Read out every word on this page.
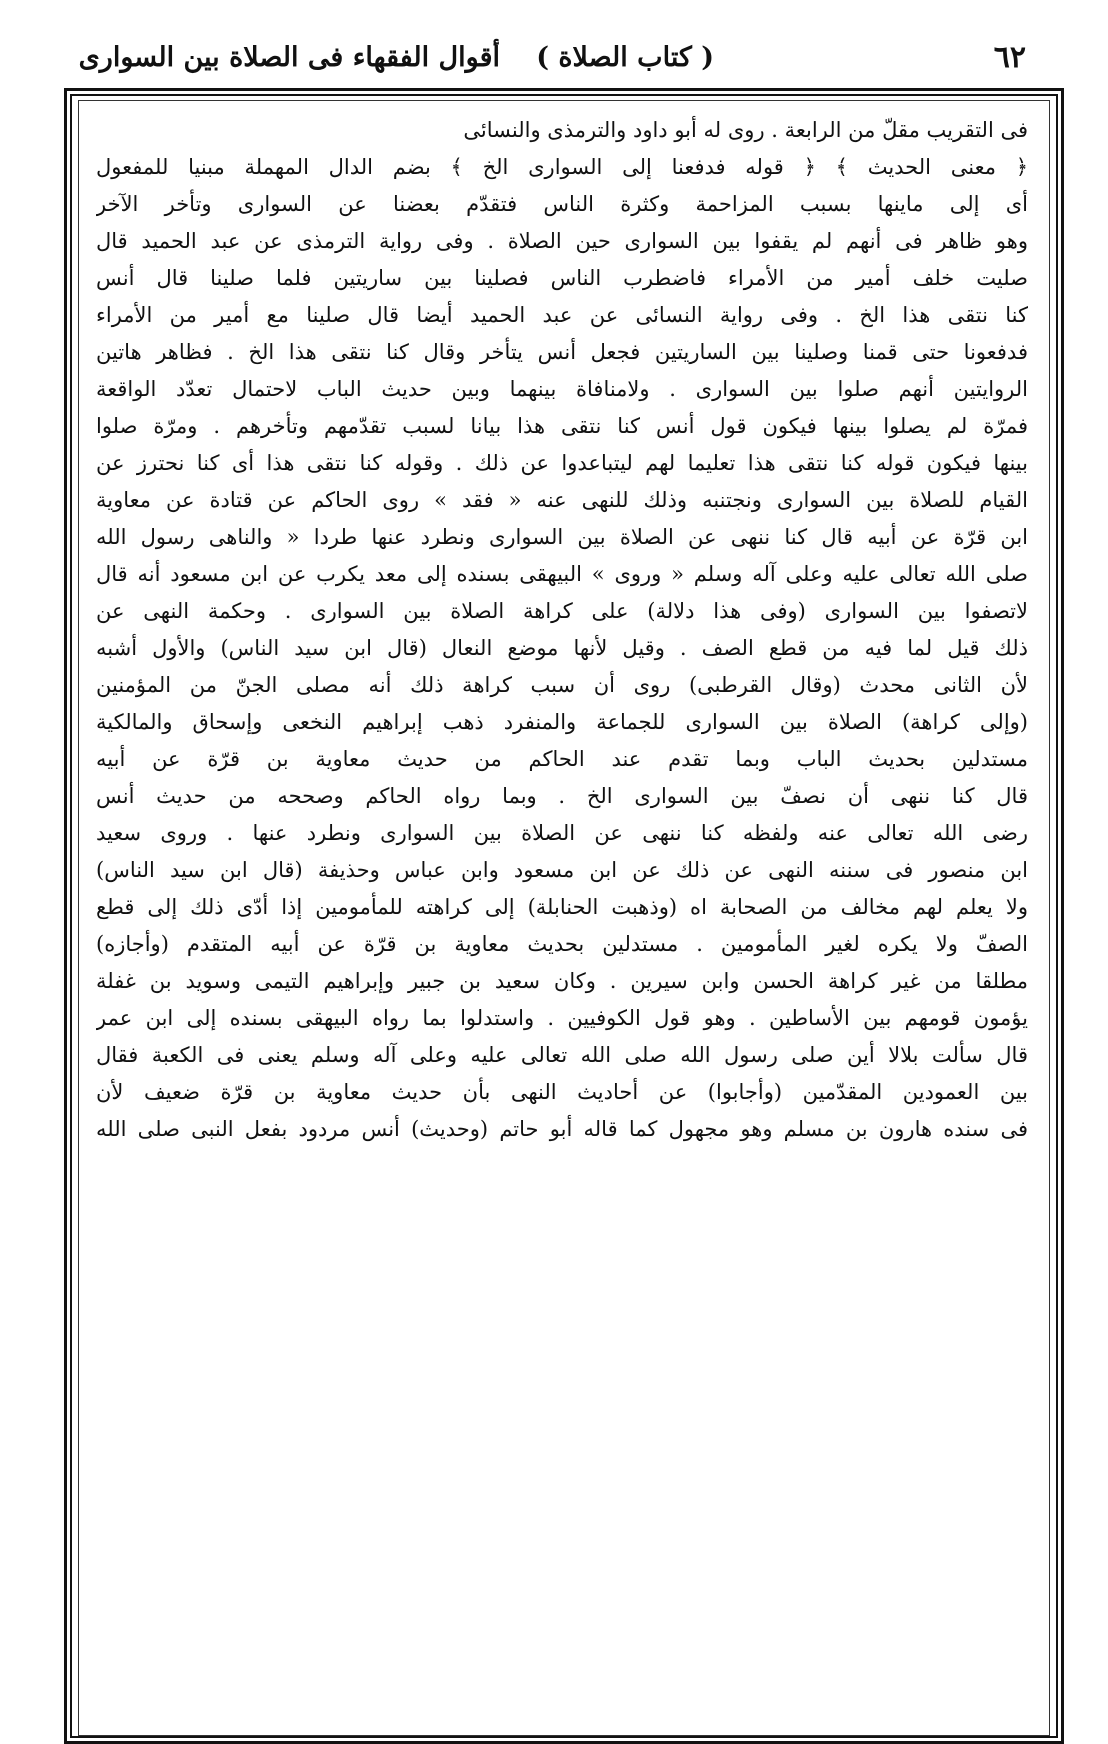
٦٢
( كتاب الصلاة )
أقوال الفقهاء فى الصلاة بين السوارى
فى التقريب مقلّ من الرابعة . روى له أبو داود والترمذى والنسائى
﴿ معنى الحديث ﴾ ﴿ قوله فدفعنا إلى السوارى الخ ﴾ بضم الدال المهملة مبنيا للمفعول
أى إلى ماينها بسبب المزاحمة وكثرة الناس فتقدّم بعضنا عن السوارى وتأخر الآخر
وهو ظاهر فى أنهم لم يقفوا بين السوارى حين الصلاة . وفى رواية الترمذى عن عبد الحميد قال
صليت خلف أمير من الأمراء فاضطرب الناس فصلينا بين ساريتين فلما صلينا قال أنس
كنا نتقى هذا الخ . وفى رواية النسائى عن عبد الحميد أيضا قال صلينا مع أمير من الأمراء
فدفعونا حتى قمنا وصلينا بين الساريتين فجعل أنس يتأخر وقال كنا نتقى هذا الخ . فظاهر هاتين
الروايتين أنهم صلوا بين السوارى . ولامنافاة بينهما وبين حديث الباب لاحتمال تعدّد الواقعة
فمرّة لم يصلوا بينها فيكون قول أنس كنا نتقى هذا بيانا لسبب تقدّمهم وتأخرهم . ومرّة صلوا
بينها فيكون قوله كنا نتقى هذا تعليما لهم ليتباعدوا عن ذلك . وقوله كنا نتقى هذا أى كنا نحترز عن
القيام للصلاة بين السوارى ونجتنبه وذلك للنهى عنه « فقد » روى الحاكم عن قتادة عن معاوية
ابن قرّة عن أبيه قال كنا ننهى عن الصلاة بين السوارى ونطرد عنها طردا « والناهى رسول الله
صلى الله تعالى عليه وعلى آله وسلم « وروى » البيهقى بسنده إلى معد يكرب عن ابن مسعود أنه قال
لاتصفوا بين السوارى (وفى هذا دلالة) على كراهة الصلاة بين السوارى . وحكمة النهى عن
ذلك قيل لما فيه من قطع الصف . وقيل لأنها موضع النعال (قال ابن سيد الناس) والأول أشبه
لأن الثانى محدث (وقال القرطبى) روى أن سبب كراهة ذلك أنه مصلى الجنّ من المؤمنين
(وإلى كراهة) الصلاة بين السوارى للجماعة والمنفرد ذهب إبراهيم النخعى وإسحاق والمالكية
مستدلين بحديث الباب وبما تقدم عند الحاكم من حديث معاوية بن قرّة عن أبيه
قال كنا ننهى أن نصفّ بين السوارى الخ . وبما رواه الحاكم وصححه من حديث أنس
رضى الله تعالى عنه ولفظه كنا ننهى عن الصلاة بين السوارى ونطرد عنها . وروى سعيد
ابن منصور فى سننه النهى عن ذلك عن ابن مسعود وابن عباس وحذيفة (قال ابن سيد الناس)
ولا يعلم لهم مخالف من الصحابة اه (وذهبت الحنابلة) إلى كراهته للمأمومين إذا أدّى ذلك إلى قطع
الصفّ ولا يكره لغير المأمومين . مستدلين بحديث معاوية بن قرّة عن أبيه المتقدم (وأجازه)
مطلقا من غير كراهة الحسن وابن سيرين . وكان سعيد بن جبير وإبراهيم التيمى وسويد بن غفلة
يؤمون قومهم بين الأساطين . وهو قول الكوفيين . واستدلوا بما رواه البيهقى بسنده إلى ابن عمر
قال سألت بلالا أين صلى رسول الله صلى الله تعالى عليه وعلى آله وسلم يعنى فى الكعبة فقال
بين العمودين المقدّمين (وأجابوا) عن أحاديث النهى بأن حديث معاوية بن قرّة ضعيف لأن
فى سنده هارون بن مسلم وهو مجهول كما قاله أبو حاتم (وحديث) أنس مردود بفعل النبى صلى الله
